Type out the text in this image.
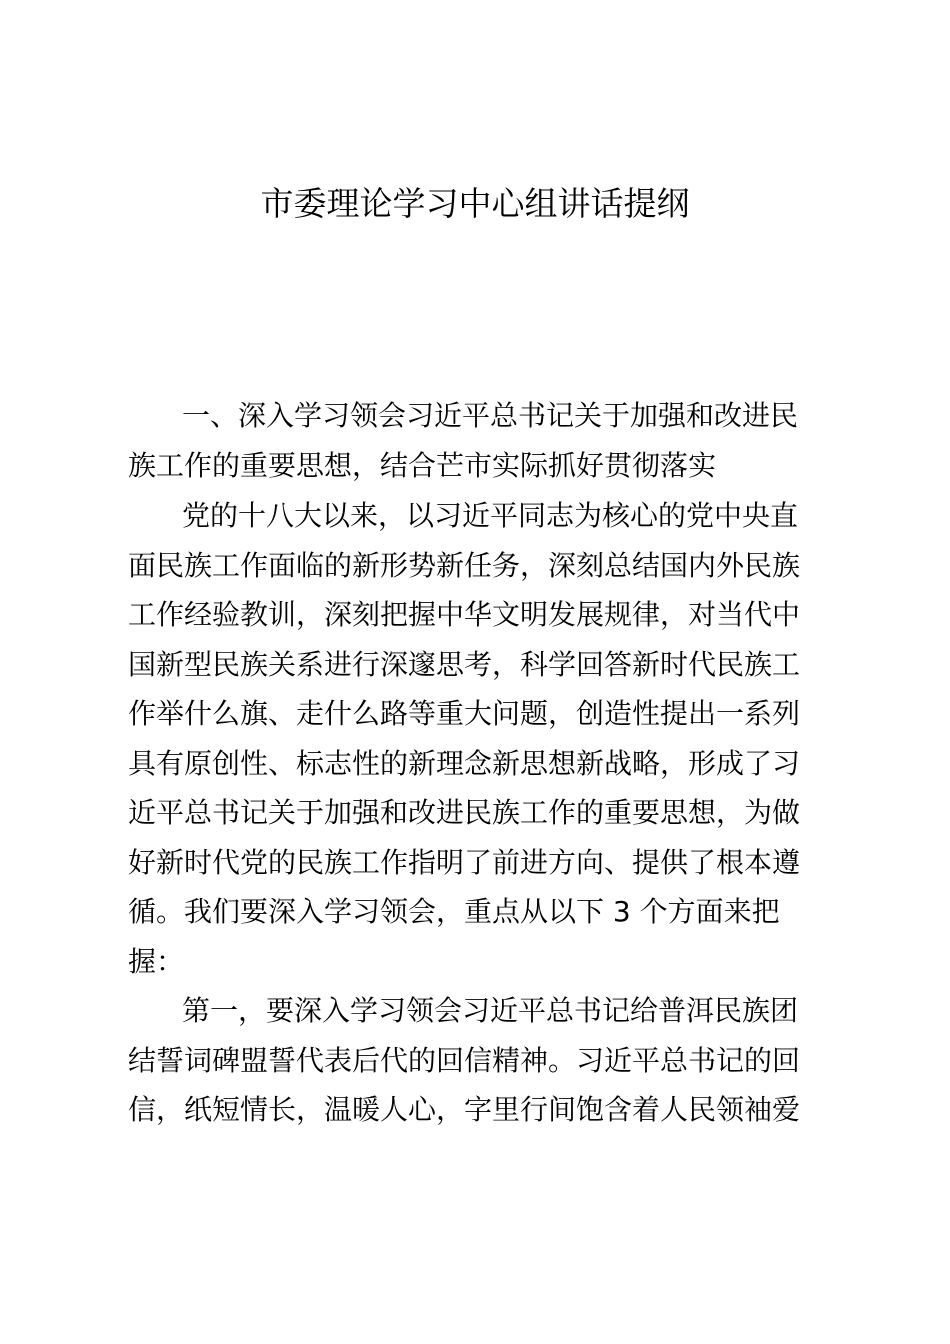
市委理论学习中心组讲话提纲
一、深入学习领会习近平总书记关于加强和改进民
族工作的重要思想，结合芒市实际抓好贯彻落实
党的十八大以来，以习近平同志为核心的党中央直
面民族工作面临的新形势新任务，深刻总结国内外民族
工作经验教训，深刻把握中华文明发展规律，对当代中
国新型民族关系进行深邃思考，科学回答新时代民族工
作举什么旗、走什么路等重大问题，创造性提出一系列
具有原创性、标志性的新理念新思想新战略，形成了习
近平总书记关于加强和改进民族工作的重要思想，为做
好新时代党的民族工作指明了前进方向、提供了根本遵
循。我们要深入学习领会，重点从以下 3 个方面来把
握：
第一，要深入学习领会习近平总书记给普洱民族团
结誓词碑盟誓代表后代的回信精神。习近平总书记的回
信，纸短情长，温暖人心，字里行间饱含着人民领袖爱
